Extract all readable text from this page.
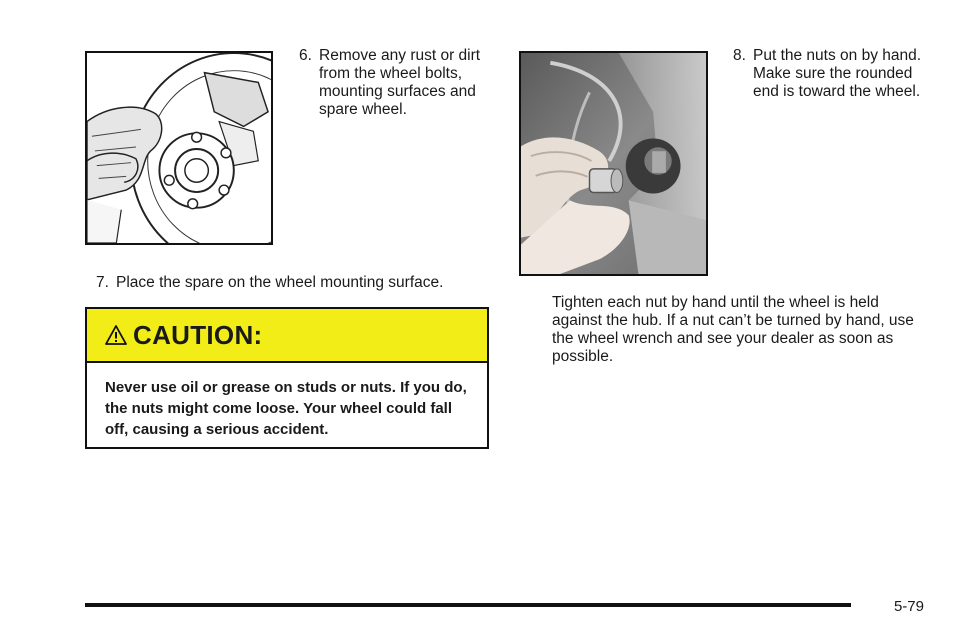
6. Remove any rust or dirt from the wheel bolts, mounting surfaces and spare wheel.
7. Place the spare on the wheel mounting surface.
CAUTION:
Never use oil or grease on studs or nuts. If you do, the nuts might come loose. Your wheel could fall off, causing a serious accident.
8. Put the nuts on by hand. Make sure the rounded end is toward the wheel.

Tighten each nut by hand until the wheel is held against the hub. If a nut can’t be turned by hand, use the wheel wrench and see your dealer as soon as possible.

5-79
